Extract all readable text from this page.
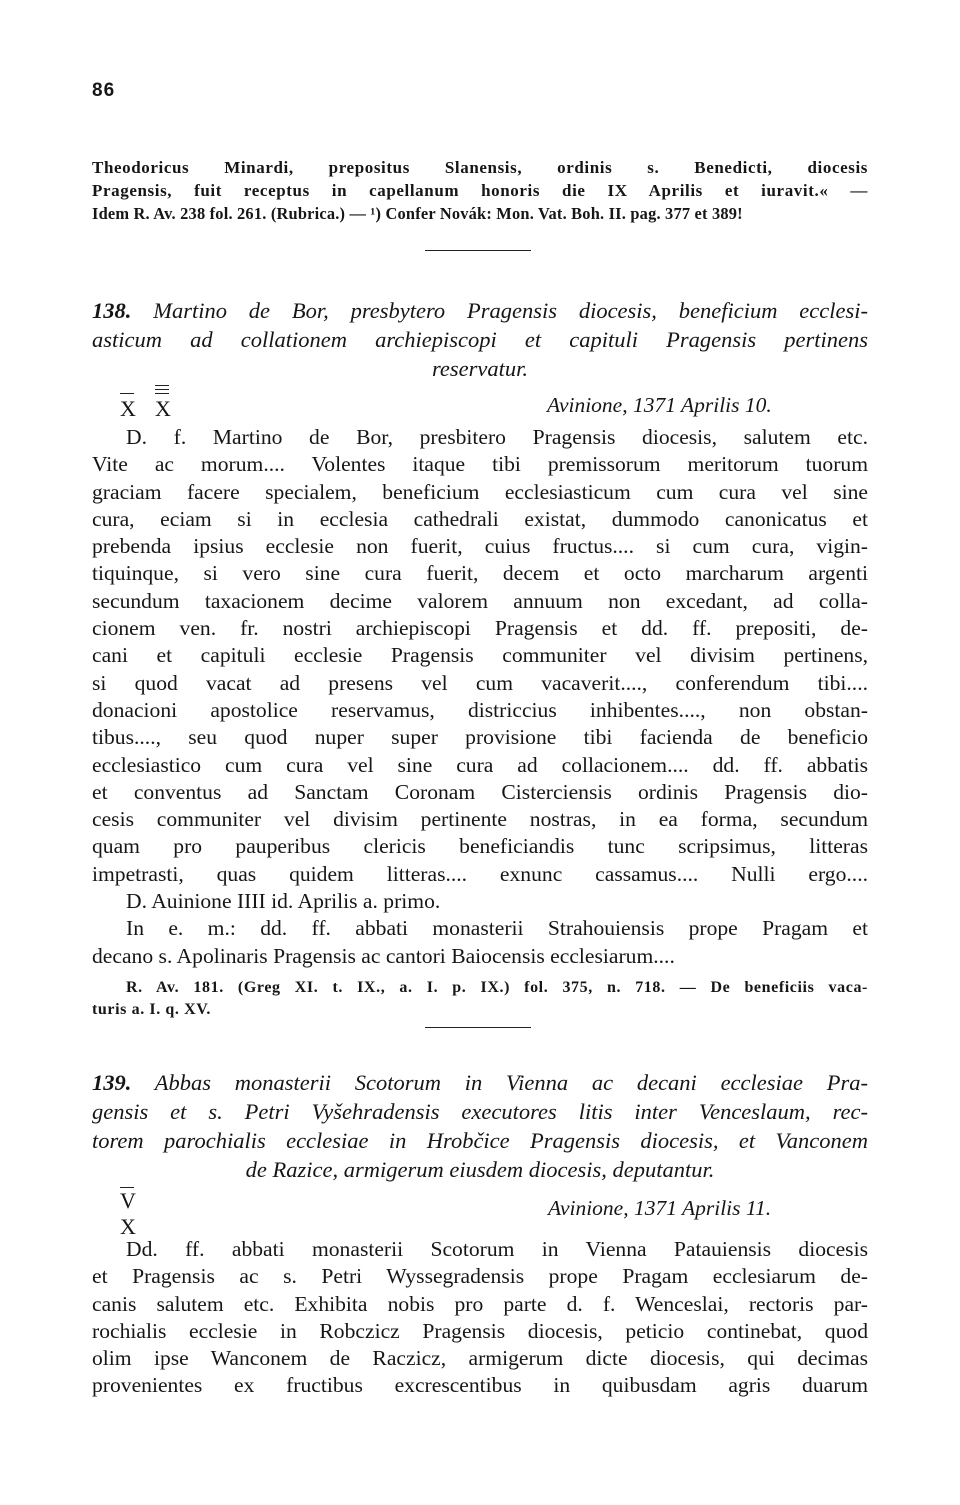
86
Theodoricus Minardi, prepositus Slanensis, ordinis s. Benedicti, diocesis
Pragensis, fuit receptus in capellanum honoris die IX Aprilis et iuravit.« —
Idem R. Av. 238 fol. 261. (Rubrica.) — ¹) Confer Novák: Mon. Vat. Boh. II. pag. 377 et 389!
138. Martino de Bor, presbytero Pragensis diocesis, beneficium ecclesi-
asticum ad collationem archiepiscopi et capituli Pragensis pertinens
reservatur.
X X	Avinione, 1371 Aprilis 10.
D. f. Martino de Bor, presbitero Pragensis diocesis, salutem etc.
Vite ac morum.... Volentes itaque tibi premissorum meritorum tuorum
graciam facere specialem, beneficium ecclesiasticum cum cura vel sine
cura, eciam si in ecclesia cathedrali existat, dummodo canonicatus et
prebenda ipsius ecclesie non fuerit, cuius fructus.... si cum cura, vigin-
tiquinque, si vero sine cura fuerit, decem et octo marcharum argenti
secundum taxacionem decime valorem annuum non excedant, ad colla-
cionem ven. fr. nostri archiepiscopi Pragensis et dd. ff. prepositi, de-
cani et capituli ecclesie Pragensis communiter vel divisim pertinens,
si quod vacat ad presens vel cum vacaverit...., conferendum tibi....
donacioni apostolice reservamus, districcius inhibentes...., non obstan-
tibus...., seu quod nuper super provisione tibi facienda de beneficio
ecclesiastico cum cura vel sine cura ad collacionem.... dd. ff. abbatis
et conventus ad Sanctam Coronam Cisterciensis ordinis Pragensis dio-
cesis communiter vel divisim pertinente nostras, in ea forma, secundum
quam pro pauperibus clericis beneficiandis tunc scripsimus, litteras
impetrasti, quas quidem litteras.... exnunc cassamus.... Nulli ergo....
D. Auinione IIII id. Aprilis a. primo.
In e. m.: dd. ff. abbati monasterii Strahouiensis prope Pragam et
decano s. Apolinaris Pragensis ac cantori Baiocensis ecclesiarum....
R. Av. 181. (Greg XI. t. IX., a. I. p. IX.) fol. 375, n. 718. — De beneficiis vaca-
turis a. I. q. XV.
139. Abbas monasterii Scotorum in Vienna ac decani ecclesiae Pra-
gensis et s. Petri Vyšehradensis executores litis inter Venceslaum, rec-
torem parochialis ecclesiae in Hrobčice Pragensis diocesis, et Vanconem
de Razice, armigerum eiusdem diocesis, deputantur.
V
X
Avinione, 1371 Aprilis 11.
Dd. ff. abbati monasterii Scotorum in Vienna Patauiensis diocesis
et Pragensis ac s. Petri Wyssegradensis prope Pragam ecclesiarum de-
canis salutem etc. Exhibita nobis pro parte d. f. Wenceslai, rectoris par-
rochialis ecclesie in Robczicz Pragensis diocesis, peticio continebat, quod
olim ipse Wanconem de Raczicz, armigerum dicte diocesis, qui decimas
provenientes ex fructibus excrescentibus in quibusdam agris duarum
